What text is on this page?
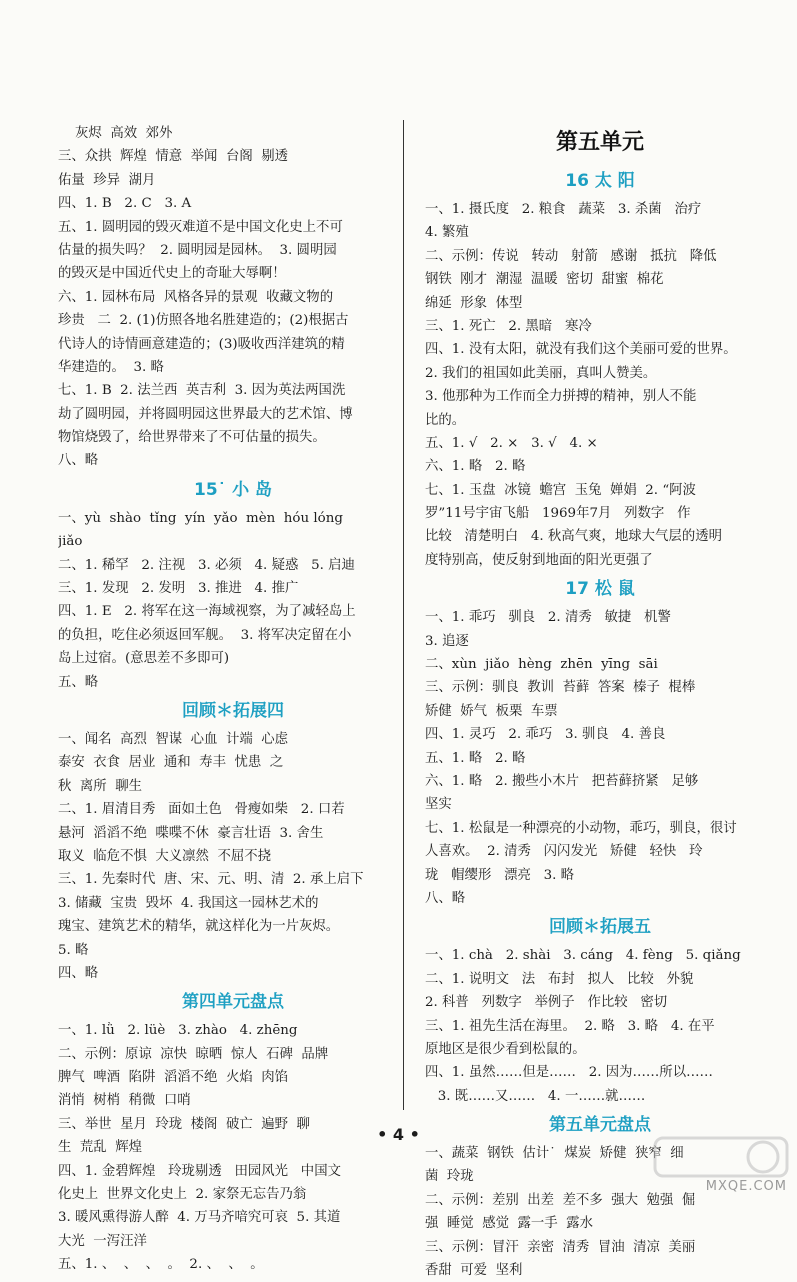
灰烬  高效  郊外
三、众拱  辉煌  情意  举闻  台阁  剔透
佑量  珍异  湖月
四、1. B   2. C   3. A
五、1. 圆明园的毁灭难道不是中国文化史上不可
估量的损失吗？  2. 圆明园是园林。  3. 圆明园
的毁灭是中国近代史上的奇耻大辱啊！
六、1. 园林布局  风格各异的景观  收藏文物的
珍贵   二  2. (1)仿照各地名胜建造的；(2)根据古
代诗人的诗情画意建造的；(3)吸收西洋建筑的精
华建造的。  3. 略
七、1. B  2. 法兰西  英吉利  3. 因为英法两国洗
劫了圆明园，并将圆明园这世界最大的艺术馆、博
物馆烧毁了，给世界带来了不可估量的损失。
八、略
15˙ 小 岛
一、yù  shào  tǐng  yín  yǎo  mèn  hóu lóng
jiǎo
二、1. 稀罕   2. 注视   3. 必须   4. 疑惑   5. 启迪
三、1. 发现   2. 发明   3. 推进   4. 推广
四、1. E   2. 将军在这一海域视察，为了减轻岛上
的负担，吃住必须返回军舰。  3. 将军决定留在小
岛上过宿。(意思差不多即可)
五、略
回顾＊拓展四
一、闻名  高烈  智谋  心血  计端  心虑
泰安  衣食  居业  通和  寿丰  忧患  之
秋  离所  聊生
二、1. 眉清目秀   面如土色   骨瘦如柴   2. 口若
悬河  滔滔不绝  喋喋不休  豪言壮语  3. 舍生
取义  临危不惧  大义凛然  不屈不挠
三、1. 先秦时代  唐、宋、元、明、清  2. 承上启下
3. 储藏  宝贵  毁坏  4. 我国这一园林艺术的
瑰宝、建筑艺术的精华，就这样化为一片灰烬。
5. 略
四、略
第四单元盘点
一、1. lǜ   2. lüè   3. zhào   4. zhēng
二、示例：原谅  凉快  晾晒  惊人  石碑  品牌
脾气  啤酒  陷阱  滔滔不绝  火焰  肉馅
消悄  树梢  稍微  口哨
三、举世  星月  玲珑  楼阁  破亡  遍野  聊
生  荒乱  辉煌
四、1. 金碧辉煌   玲珑剔透   田园风光   中国文
化史上  世界文化史上  2. 家祭无忘告乃翁
3. 暖风熏得游人醉  4. 万马齐喑究可哀  5. 其道
大光  一泻汪洋
五、1. 、  、  、  。  2. 、  、  。
第五单元
16 太 阳
一、1. 摄氏度   2. 粮食   蔬菜   3. 杀菌   治疗
4. 繁殖
二、示例：传说   转动   射箭   感谢   抵抗   降低
钢铁  刚才  潮湿  温暖  密切  甜蜜  棉花
绵延  形象  体型
三、1. 死亡   2. 黑暗   寒冷
四、1. 没有太阳，就没有我们这个美丽可爱的世界。
2. 我们的祖国如此美丽，真叫人赞美。
3. 他那种为工作而全力拼搏的精神，别人不能
比的。
五、1. √   2. ×   3. √   4. ×
六、1. 略   2. 略
七、1. 玉盘  冰镜  蟾宫  玉兔  婵娟  2. “阿波
罗”11号宇宙飞船   1969年7月   列数字   作
比较   清楚明白   4. 秋高气爽，地球大气层的透明
度特别高，使反射到地面的阳光更强了
17 松 鼠
一、1. 乖巧   驯良   2. 清秀   敏捷   机警
3. 追逐
二、xùn  jiǎo  hèng  zhēn  yīng  sāi
三、示例：驯良  教训  苔藓  答案  榛子  棍棒
矫健  娇气  板栗  车票
四、1. 灵巧   2. 乖巧   3. 驯良   4. 善良
五、1. 略   2. 略
六、1. 略   2. 搬些小木片   把苔藓挤紧   足够
坚实
七、1. 松鼠是一种漂亮的小动物，乖巧，驯良，很讨
人喜欢。  2. 清秀   闪闪发光   矫健   轻快   玲
珑   帽缨形   漂亮   3. 略
八、略
回顾＊拓展五
一、1. chà   2. shài   3. cáng   4. fèng   5. qiǎng
二、1. 说明文   法   布封   拟人   比较   外貌
2. 科普   列数字   举例子   作比较   密切
三、1. 祖先生活在海里。  2. 略   3. 略   4. 在平
原地区是很少看到松鼠的。
四、1. 虽然……但是……   2. 因为……所以……
3. 既……又……   4. 一……就……
第五单元盘点
一、蔬菜  钢铁  估计˙  煤炭  矫健  狭窄  细
菌  玲珑
二、示例：差别  出差  差不多  强大  勉强  倔
强  睡觉  感觉  露一手  露水
三、示例：冒汗  亲密  清秀  冒油  清凉  美丽
香甜  可爱  坚利
• 4 •
MXQE.COM
